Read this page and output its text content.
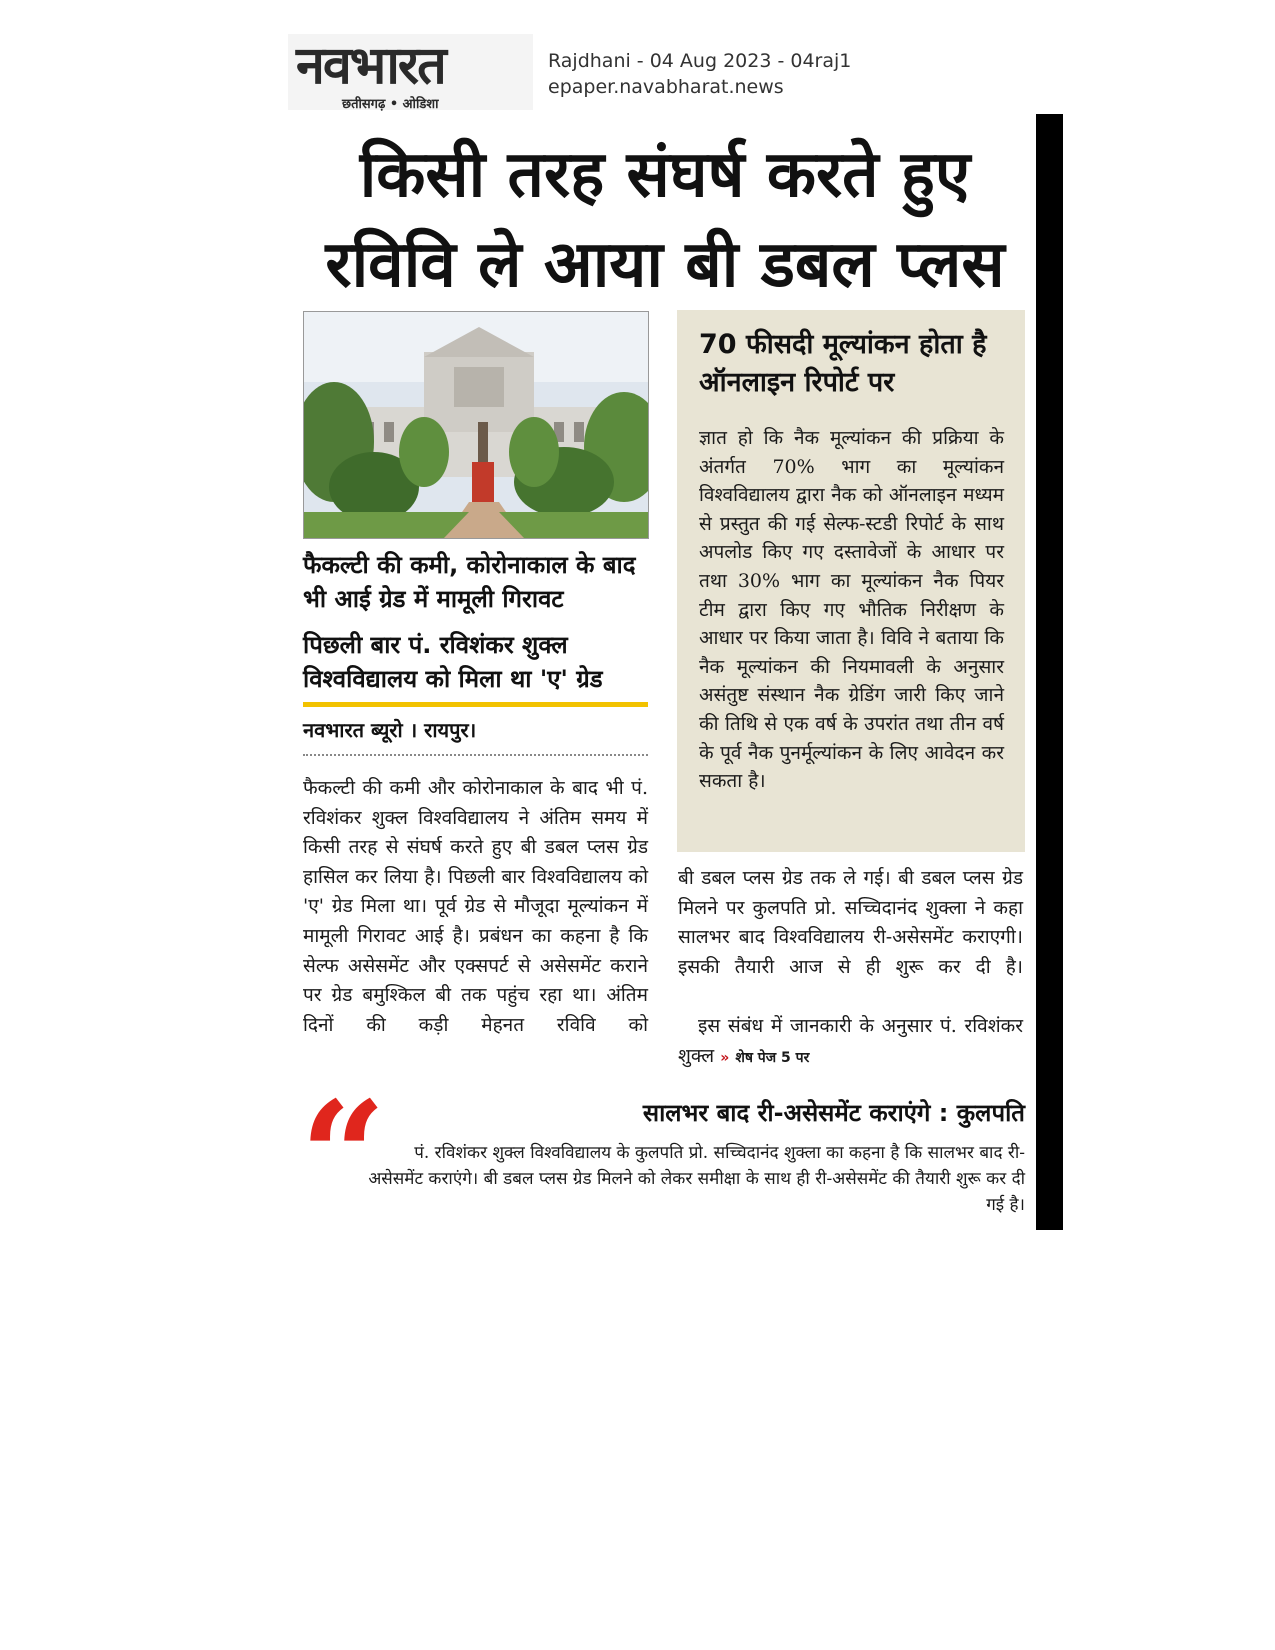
नवभारत
छतीसगढ़ • ओडिशा
Rajdhani - 04 Aug 2023 - 04raj1
epaper.navabharat.news
किसी तरह संघर्ष करते हुए
रविवि ले आया बी डबल प्लस
फैकल्टी की कमी, कोरोनाकाल के बाद भी आई ग्रेड में मामूली गिरावट
पिछली बार पं. रविशंकर शुक्ल विश्वविद्यालय को मिला था 'ए' ग्रेड
नवभारत ब्यूरो । रायपुर।
फैकल्टी की कमी और कोरोनाकाल के बाद भी पं. रविशंकर शुक्ल विश्वविद्यालय ने अंतिम समय में किसी तरह से संघर्ष करते हुए बी डबल प्लस ग्रेड हासिल कर लिया है। पिछली बार विश्वविद्यालय को 'ए' ग्रेड मिला था। पूर्व ग्रेड से मौजूदा मूल्यांकन में मामूली गिरावट आई है। प्रबंधन का कहना है कि सेल्फ असेसमेंट और एक्सपर्ट से असेसमेंट कराने पर ग्रेड बमुश्किल बी तक पहुंच रहा था। अंतिम दिनों की कड़ी मेहनत रविवि को
70 फीसदी मूल्यांकन होता है ऑनलाइन रिपोर्ट पर
ज्ञात हो कि नैक मूल्यांकन की प्रक्रिया के अंतर्गत 70% भाग का मूल्यांकन विश्वविद्यालय द्वारा नैक को ऑनलाइन मध्यम से प्रस्तुत की गई सेल्फ-स्टडी रिपोर्ट के साथ अपलोड किए गए दस्तावेजों के आधार पर तथा 30% भाग का मूल्यांकन नैक पियर टीम द्वारा किए गए भौतिक निरीक्षण के आधार पर किया जाता है। विवि ने बताया कि नैक मूल्यांकन की नियमावली के अनुसार असंतुष्ट संस्थान नैक ग्रेडिंग जारी किए जाने की तिथि से एक वर्ष के उपरांत तथा तीन वर्ष के पूर्व नैक पुनर्मूल्यांकन के लिए आवेदन कर सकता है।
बी डबल प्लस ग्रेड तक ले गई। बी डबल प्लस ग्रेड मिलने पर कुलपति प्रो. सच्चिदानंद शुक्ला ने कहा सालभर बाद विश्वविद्यालय री-असेसमेंट कराएगी। इसकी तैयारी आज से ही शुरू कर दी है।
इस संबंध में जानकारी के अनुसार पं. रविशंकर शुक्ल » शेष पेज 5 पर
“	सालभर बाद री-असेसमेंट कराएंगे : कुलपति
पं. रविशंकर शुक्ल विश्वविद्यालय के कुलपति प्रो. सच्चिदानंद शुक्ला का कहना है कि सालभर बाद री-असेसमेंट कराएंगे। बी डबल प्लस ग्रेड मिलने को लेकर समीक्षा के साथ ही री-असेसमेंट की तैयारी शुरू कर दी गई है।
